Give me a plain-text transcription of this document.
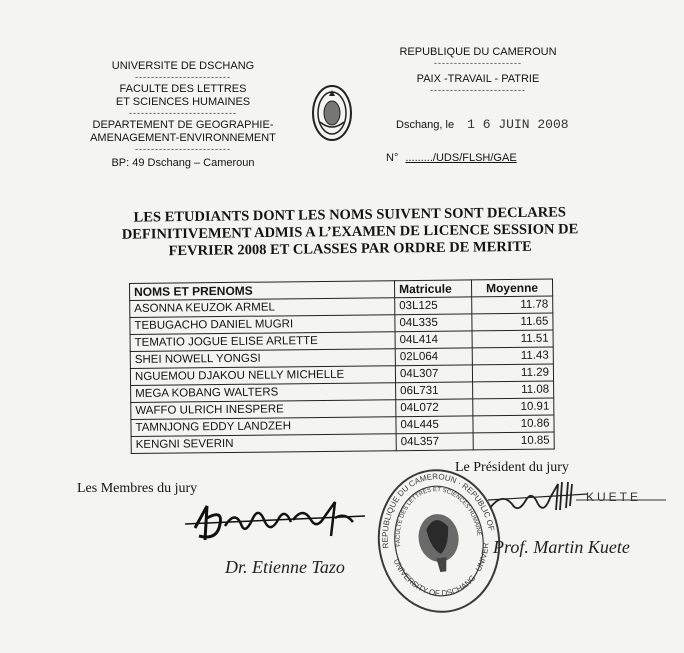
UNIVERSITE DE DSCHANG
------------------------
FACULTE DES LETTRES
ET SCIENCES HUMAINES
---------------------------
DEPARTEMENT DE GEOGRAPHIE-
AMENAGEMENT-ENVIRONNEMENT
------------------------
BP: 49 Dschang – Cameroun
REPUBLIQUE DU CAMEROUN
----------------------
PAIX -TRAVAIL - PATRIE
------------------------
Dschang, le 1 6 JUIN 2008
N° ........./UDS/FLSH/GAE
LES ETUDIANTS DONT LES NOMS SUIVENT SONT DECLARES
DEFINITIVEMENT ADMIS A L’EXAMEN DE LICENCE SESSION DE
FEVRIER 2008 ET CLASSES PAR ORDRE DE MERITE
NOMS ET PRENOMS	Matricule	Moyenne
ASONNA KEUZOK ARMEL	03L125	11.78
TEBUGACHO DANIEL MUGRI	04L335	11.65
TEMATIO JOGUE ELISE ARLETTE	04L414	11.51
SHEI NOWELL YONGSI	02L064	11.43
NGUEMOU DJAKOU NELLY MICHELLE	04L307	11.29
MEGA KOBANG WALTERS	06L731	11.08
WAFFO ULRICH INESPERE	04L072	10.91
TAMNJONG EDDY LANDZEH	04L445	10.86
KENGNI SEVERIN	04L357	10.85
Les Membres du jury
Le Président du jury
Dr. Etienne Tazo
REPUBLIQUE DU CAMEROUN · REPUBLIC OF CAMEROON
FACULTE DES LETTRES ET SCIENCES HUMAINES GEOGRAPHIE
UNIVERSITY OF DSCHANG · UNIVERSITE DE DSCHANG
KUETE
Prof. Martin Kuete
